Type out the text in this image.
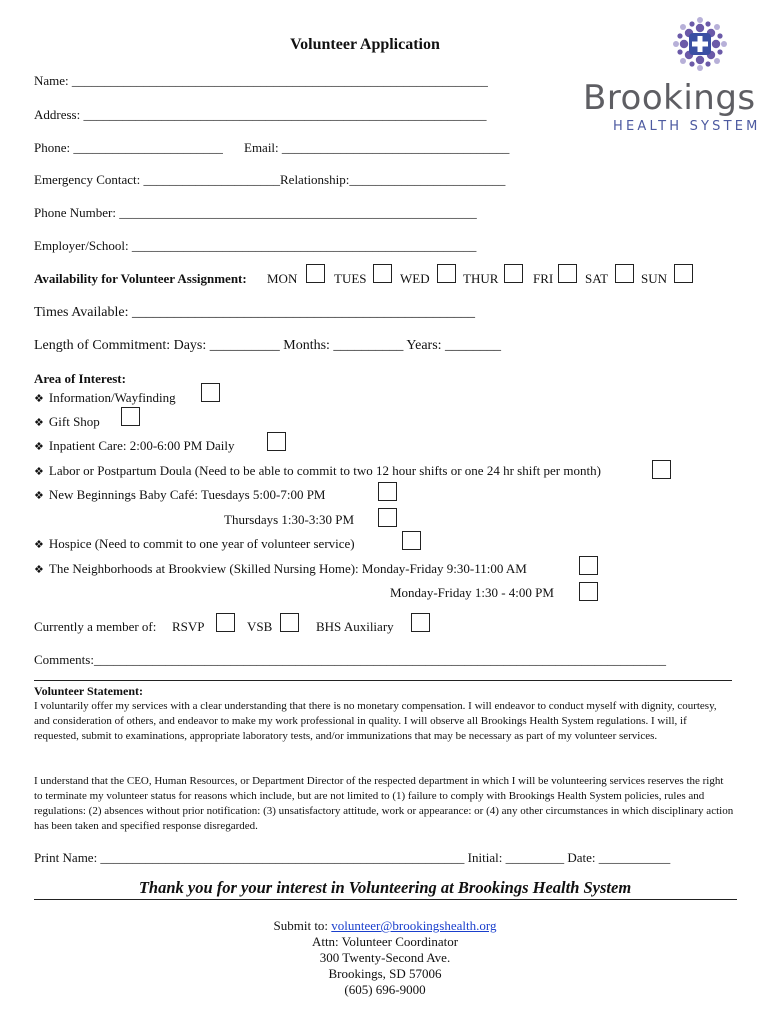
Volunteer Application
Brookings
HEALTH SYSTEM
Name: ________________________________________________________________
Address: ______________________________________________________________
Phone: _______________________ Email: ___________________________________
Emergency Contact: _____________________Relationship:________________________
Phone Number: _______________________________________________________
Employer/School: _____________________________________________________
Availability for Volunteer Assignment: MON	TUES	WED	THUR	FRI SAT	SUN
Times Available: _________________________________________________
Length of Commitment: Days: __________ Months: __________ Years: ________
Area of Interest:
❖ Information/Wayfinding
❖ Gift Shop
❖ Inpatient Care: 2:00-6:00 PM Daily
❖ Labor or Postpartum Doula (Need to be able to commit to two 12 hour shifts or one 24 hr shift per month)
❖ New Beginnings Baby Café: Tuesdays 5:00-7:00 PM
Thursdays 1:30-3:30 PM
❖ Hospice (Need to commit to one year of volunteer service)
❖ The Neighborhoods at Brookview (Skilled Nursing Home): Monday-Friday 9:30-11:00 AM
Monday-Friday 1:30 - 4:00 PM
Currently a member of: RSVP	VSB	BHS Auxiliary
Comments:________________________________________________________________________________________
Volunteer Statement:
I voluntarily offer my services with a clear understanding that there is no monetary compensation. I will endeavor to conduct myself with dignity, courtesy, and consideration of others, and endeavor to make my work professional in quality. I will observe all Brookings Health System regulations. I will, if requested, submit to examinations, appropriate laboratory tests, and/or immunizations that may be necessary as part of my volunteer services.
I understand that the CEO, Human Resources, or Department Director of the respected department in which I will be volunteering services reserves the right to terminate my volunteer status for reasons which include, but are not limited to (1) failure to comply with Brookings Health System policies, rules and regulations: (2) absences without prior notification: (3) unsatisfactory attitude, work or appearance: or (4) any other circumstances in which disciplinary action has been taken and specified response disregarded.
Print Name: ________________________________________________________ Initial: _________ Date: ___________
Thank you for your interest in Volunteering at Brookings Health System
Submit to: volunteer@brookingshealth.org
Attn: Volunteer Coordinator
300 Twenty-Second Ave.
Brookings, SD 57006
(605) 696-9000
